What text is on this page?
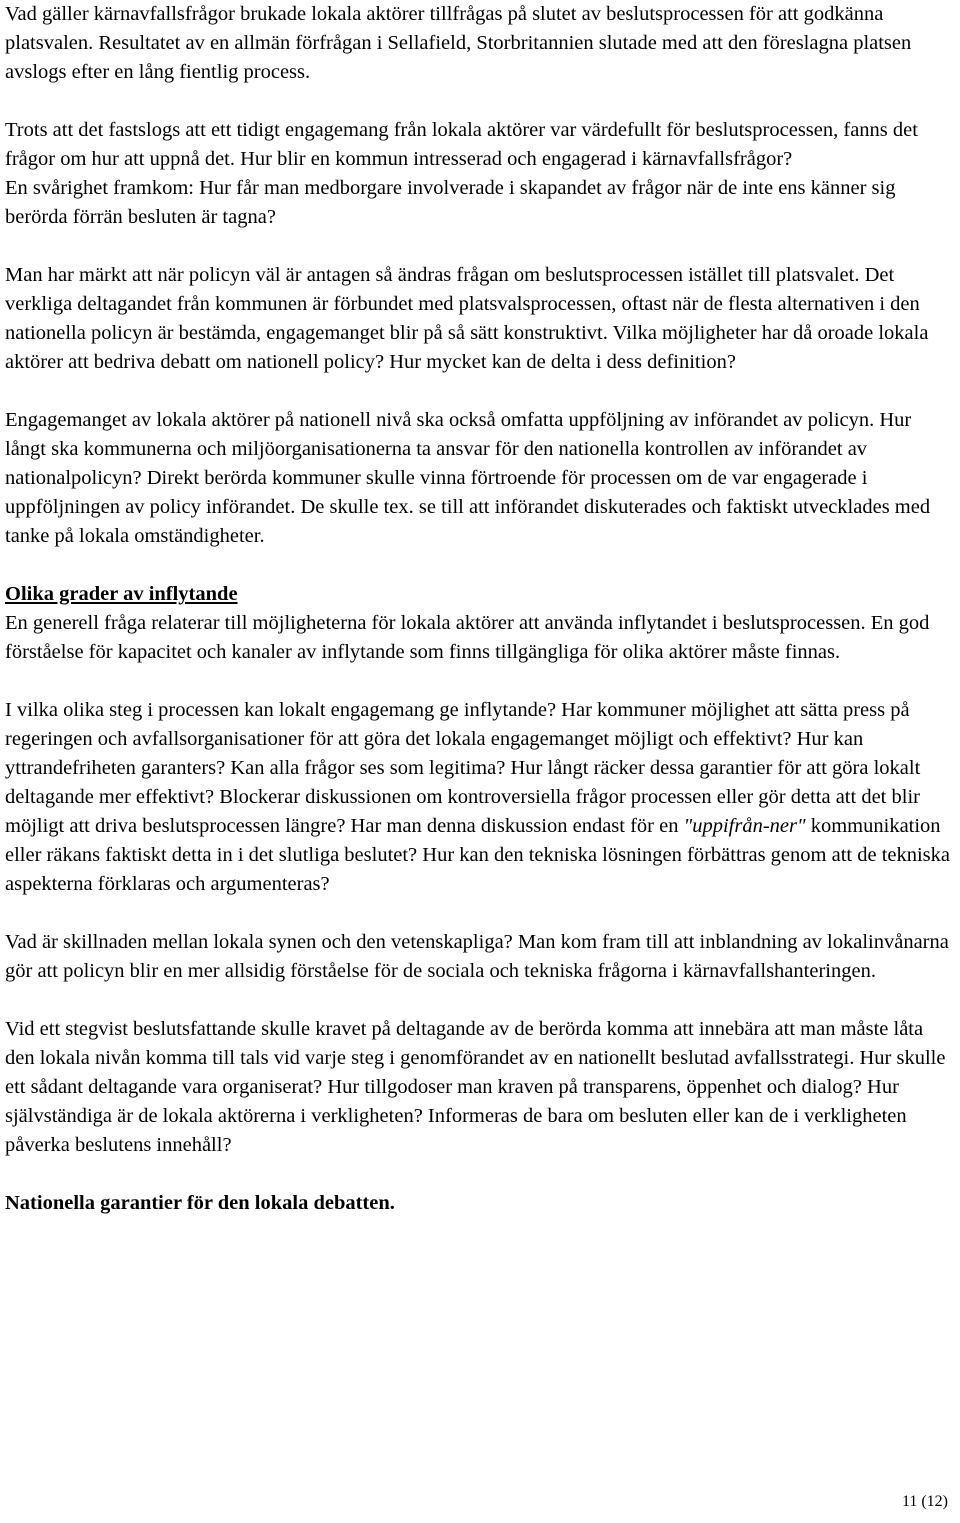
Vad gäller kärnavfallsfrågor brukade lokala aktörer tillfrågas på slutet av beslutsprocessen för att godkänna platsvalen. Resultatet av en allmän förfrågan i Sellafield, Storbritannien slutade med att den föreslagna platsen avslogs efter en lång fientlig process.

Trots att det fastslogs att ett tidigt engagemang från lokala aktörer var värdefullt för beslutsprocessen, fanns det frågor om hur att uppnå det. Hur blir en kommun intresserad och engagerad i kärnavfallsfrågor?

En svårighet framkom: Hur får man medborgare involverade i skapandet av frågor när de inte ens känner sig berörda förrän besluten är tagna?

Man har märkt att när policyn väl är antagen så ändras frågan om beslutsprocessen istället till platsvalet. Det verkliga deltagandet från kommunen är förbundet med platsvalsprocessen, oftast när de flesta alternativen i den nationella policyn är bestämda, engagemanget blir på så sätt konstruktivt. Vilka möjligheter har då oroade lokala aktörer att bedriva debatt om nationell policy? Hur mycket kan de delta i dess definition?

Engagemanget av lokala aktörer på nationell nivå ska också omfatta uppföljning av införandet av policyn. Hur långt ska kommunerna och miljöorganisationerna ta ansvar för den nationella kontrollen av införandet av nationalpolicyn? Direkt berörda kommuner skulle vinna förtroende för processen om de var engagerade i uppföljningen av policy införandet. De skulle tex. se till att införandet diskuterades och faktiskt utvecklades med tanke på lokala omständigheter.

Olika grader av inflytande

En generell fråga relaterar till möjligheterna för lokala aktörer att använda inflytandet i beslutsprocessen. En god förståelse för kapacitet och kanaler av inflytande som finns tillgängliga för olika aktörer måste finnas.

I vilka olika steg i processen kan lokalt engagemang ge inflytande? Har kommuner möjlighet att sätta press på regeringen och avfallsorganisationer för att göra det lokala engagemanget möjligt och effektivt? Hur kan yttrandefriheten garanters? Kan alla frågor ses som legitima? Hur långt räcker dessa garantier för att göra lokalt deltagande mer effektivt? Blockerar diskussionen om kontroversiella frågor processen eller gör detta att det blir möjligt att driva beslutsprocessen längre? Har man denna diskussion endast för en "uppifrån-ner" kommunikation eller räkans faktiskt detta in i det slutliga beslutet? Hur kan den tekniska lösningen förbättras genom att de tekniska aspekterna förklaras och argumenteras?

Vad är skillnaden mellan lokala synen och den vetenskapliga? Man kom fram till att inblandning av lokalinvånarna gör att policyn blir en mer allsidig förståelse för de sociala och tekniska frågorna i kärnavfallshanteringen.

Vid ett stegvist beslutsfattande skulle kravet på deltagande av de berörda komma att innebära att man måste låta den lokala nivån komma till tals vid varje steg i genomförandet av en nationellt beslutad avfallsstrategi. Hur skulle ett sådant deltagande vara organiserat? Hur tillgodoser man kraven på transparens, öppenhet och dialog? Hur självständiga är de lokala aktörerna i verkligheten? Informeras de bara om besluten eller kan de i verkligheten påverka beslutens innehåll?

Nationella garantier för den lokala debatten.

11 (12)
